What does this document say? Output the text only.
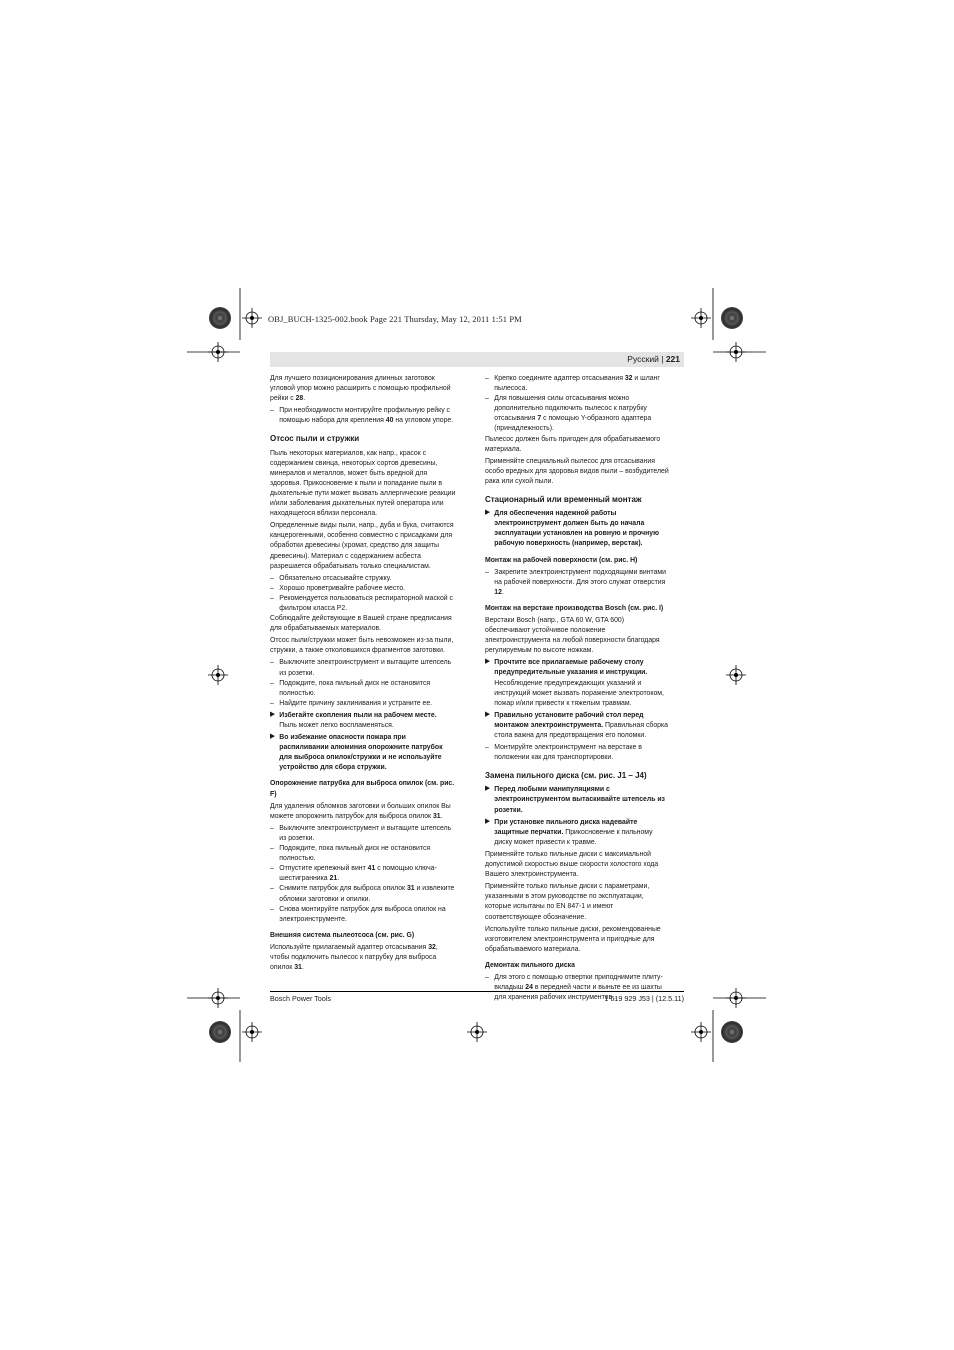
OBJ_BUCH-1325-002.book Page 221 Thursday, May 12, 2011 1:51 PM
Русский | 221

Для лучшего позиционирования длинных заготовок угловой упор можно расширить с помощью профильной рейки с 28.

– При необходимости монтируйте профильную рейку с помощью набора для крепления 40 на угловом упоре.

Отсос пыли и стружки

Пыль некоторых материалов, как напр., красок с содержанием свинца, некоторых сортов древесины, минералов и металлов, может быть вредной для здоровья. Прикосновение к пыли и попадание пыли в дыхательные пути может вызвать аллергические реакции и/или заболевания дыхательных путей оператора или находящегося вблизи персонала.

Определенные виды пыли, напр., дуба и бука, считаются канцерогенными, особенно совместно с присадками для обработки древесины (хромат, средство для защиты древесины). Материал с содержанием асбеста разрешается обрабатывать только специалистам.

– Обязательно отсасывайте стружку.

– Хорошо проветривайте рабочее место.

– Рекомендуется пользоваться респираторной маской с фильтром класса Р2.

Соблюдайте действующие в Вашей стране предписания для обрабатываемых материалов.

Отсос пыли/стружки может быть невозможен из-за пыли, стружки, а также отколовшихся фрагментов заготовки.

– Выключите электроинструмент и вытащите штепсель из розетки.

– Подождите, пока пильный диск не остановится полностью.

– Найдите причину заклинивания и устраните ее.

▶ Избегайте скопления пыли на рабочем месте. Пыль может легко воспламеняться.

▶ Во избежание опасности пожара при распиливании алюминия опорожните патрубок для выброса опилок/стружки и не используйте устройство для сбора стружки.

Опорожнение патрубка для выброса опилок (см. рис. F)

Для удаления обломков заготовки и больших опилок Вы можете опорожнить патрубок для выброса опилок 31.

– Выключите электроинструмент и вытащите штепсель из розетки.

– Подождите, пока пильный диск не остановится полностью.

– Отпустите крепежный винт 41 с помощью ключа-шестигранника 21.

– Снимите патрубок для выброса опилок 31 и извлеките обломки заготовки и опилки.

– Снова монтируйте патрубок для выброса опилок на электроинструменте.

Внешняя система пылеотсоса (см. рис. G)

Используйте прилагаемый адаптер отсасывания 32, чтобы подключить пылесос к патрубку для выброса опилок 31.

– Крепко соедините адаптер отсасывания 32 и шланг пылесоса.

– Для повышения силы отсасывания можно дополнительно подключить пылесос к патрубку отсасывания 7 с помощью Y-образного адаптера (принадлежность).

Пылесос должен быть пригоден для обрабатываемого материала.

Применяйте специальный пылесос для отсасывания особо вредных для здоровья видов пыли – возбудителей рака или сухой пыли.

Стационарный или временный монтаж

▶ Для обеспечения надежной работы электроинструмент должен быть до начала эксплуатации установлен на ровную и прочную рабочую поверхность (например, верстак).

Монтаж на рабочей поверхности (см. рис. H)

– Закрепите электроинструмент подходящими винтами на рабочей поверхности. Для этого служат отверстия 12.

Монтаж на верстаке производства Bosch (см. рис. I)

Верстаки Bosch (напр., GTA 60 W, GTA 600) обеспечивают устойчивое положение электроинструмента на любой поверхности благодаря регулируемым по высоте ножкам.

▶ Прочтите все прилагаемые рабочему столу предупредительные указания и инструкции. Несоблюдение предупреждающих указаний и инструкций может вызвать поражение электротоком, пожар и/или привести к тяжелым травмам.

▶ Правильно установите рабочий стол перед монтажом электроинструмента. Правильная сборка стола важна для предотвращения его поломки.

– Монтируйте электроинструмент на верстаке в положении как для транспортировки.

Замена пильного диска (см. рис. J1 – J4)

▶ Перед любыми манипуляциями с электроинструментом вытаскивайте штепсель из розетки.

▶ При установке пильного диска надевайте защитные перчатки. Прикосновение к пильному диску может привести к травме.

Применяйте только пильные диски с максимальной допустимой скоростью выше скорости холостого хода Вашего электроинструмента.

Применяйте только пильные диски с параметрами, указанными в этом руководстве по эксплуатации, которые испытаны по EN 847-1 и имеют соответствующее обозначение.

Используйте только пильные диски, рекомендованные изготовителем электроинструмента и пригодные для обрабатываемого материала.

Демонтаж пильного диска

– Для этого с помощью отвертки приподнимите плиту-вкладыш 24 в передней части и выньте ее из шахты для хранения рабочих инструментов .

Bosch Power Tools	1 619 929 J53 | (12.5.11)
